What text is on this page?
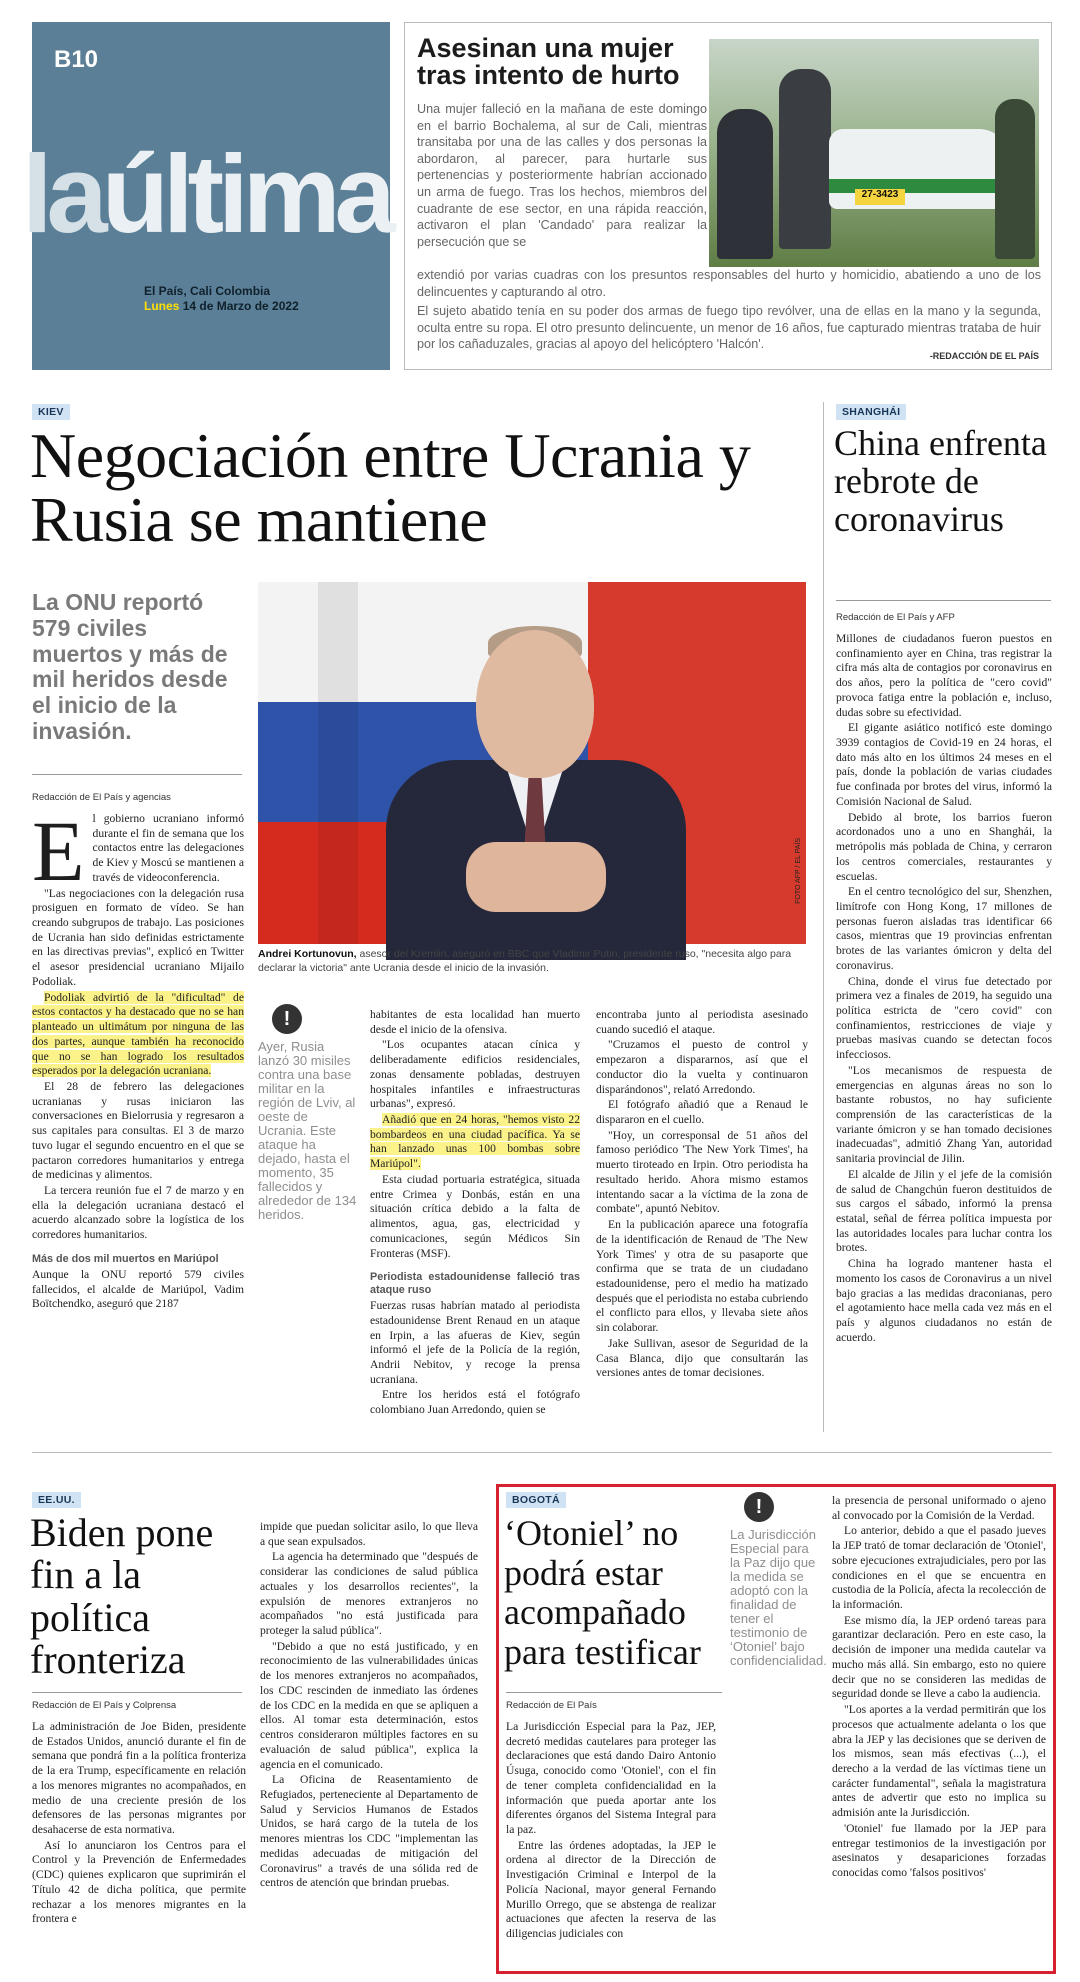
B10
laúltima
El País, Cali Colombia
Lunes 14 de Marzo de 2022
Asesinan una mujer tras intento de hurto
27-3423
Una mujer falleció en la mañana de este domingo en el barrio Bochalema, al sur de Cali, mientras transitaba por una de las calles y dos personas la abordaron, al parecer, para hurtarle sus pertenencias y posteriormente habrían accionado un arma de fuego. Tras los hechos, miembros del cuadrante de ese sector, en una rápida reacción, activaron el plan 'Candado' para realizar la persecución que se

extendió por varias cuadras con los presuntos responsables del hurto y homicidio, abatiendo a uno de los delincuentes y capturando al otro.

El sujeto abatido tenía en su poder dos armas de fuego tipo revólver, una de ellas en la mano y la segunda, oculta entre su ropa. El otro presunto delincuente, un menor de 16 años, fue capturado mientras trataba de huir por los cañaduzales, gracias al apoyo del helicóptero 'Halcón'.

-REDACCIÓN DE EL PAÍS
KIEV
Negociación entre Ucrania y Rusia se mantiene
La ONU reportó 579 civiles muertos y más de mil heridos desde el inicio de la invasión.
Redacción de El País y agencias
FOTO AFP / EL PAÍS
Andrei Kortunovun, asesor del Kremlin, aseguró en BBC que Vladimir Putin, presidente ruso, "necesita algo para declarar la victoria" ante Ucrania desde el inicio de la invasión.

El gobierno ucraniano informó durante el fin de semana que los contactos entre las delegaciones de Kiev y Moscú se mantienen a través de videoconferencia.

"Las negociaciones con la delegación rusa prosiguen en formato de vídeo. Se han creando subgrupos de trabajo. Las posiciones de Ucrania han sido definidas estrictamente en las directivas previas", explicó en Twitter el asesor presidencial ucraniano Mijailo Podoliak.

Podoliak advirtió de la "dificultad" de estos contactos y ha destacado que no se han planteado un ultimátum por ninguna de las dos partes, aunque también ha reconocido que no se han logrado los resultados esperados por la delegación ucraniana.

El 28 de febrero las delegaciones ucranianas y rusas iniciaron las conversaciones en Bielorrusia y regresaron a sus capitales para consultas. El 3 de marzo tuvo lugar el segundo encuentro en el que se pactaron corredores humanitarios y entrega de medicinas y alimentos.

La tercera reunión fue el 7 de marzo y en ella la delegación ucraniana destacó el acuerdo alcanzado sobre la logística de los corredores humanitarios.

Más de dos mil muertos en Mariúpol

Aunque la ONU reportó 579 civiles fallecidos, el alcalde de Mariúpol, Vadim Boïtchendko, aseguró que 2187

!
Ayer, Rusia lanzó 30 misiles contra una base militar en la región de Lviv, al oeste de Ucrania. Este ataque ha dejado, hasta el momento, 35 fallecidos y alrededor de 134 heridos.

habitantes de esta localidad han muerto desde el inicio de la ofensiva.

"Los ocupantes atacan cínica y deliberadamente edificios residenciales, zonas densamente pobladas, destruyen hospitales infantiles e infraestructuras urbanas", expresó.

Añadió que en 24 horas, "hemos visto 22 bombardeos en una ciudad pacífica. Ya se han lanzado unas 100 bombas sobre Mariúpol".

Esta ciudad portuaria estratégica, situada entre Crimea y Donbás, están en una situación crítica debido a la falta de alimentos, agua, gas, electricidad y comunicaciones, según Médicos Sin Fronteras (MSF).

Periodista estadounidense falleció tras ataque ruso

Fuerzas rusas habrían matado al periodista estadounidense Brent Renaud en un ataque en Irpin, a las afueras de Kiev, según informó el jefe de la Policía de la región, Andrii Nebitov, y recoge la prensa ucraniana.

Entre los heridos está el fotógrafo colombiano Juan Arredondo, quien se

encontraba junto al periodista asesinado cuando sucedió el ataque.

"Cruzamos el puesto de control y empezaron a dispararnos, así que el conductor dio la vuelta y continuaron disparándonos", relató Arredondo.

El fotógrafo añadió que a Renaud le dispararon en el cuello.

"Hoy, un corresponsal de 51 años del famoso periódico 'The New York Times', ha muerto tiroteado en Irpin. Otro periodista ha resultado herido. Ahora mismo estamos intentando sacar a la víctima de la zona de combate", apuntó Nebitov.

En la publicación aparece una fotografía de la identificación de Renaud de 'The New York Times' y otra de su pasaporte que confirma que se trata de un ciudadano estadounidense, pero el medio ha matizado después que el periodista no estaba cubriendo el conflicto para ellos, y llevaba siete años sin colaborar.

Jake Sullivan, asesor de Seguridad de la Casa Blanca, dijo que consultarán las versiones antes de tomar decisiones.

SHANGHÁI
China enfrenta rebrote de coronavirus
Redacción de El País y AFP

Millones de ciudadanos fueron puestos en confinamiento ayer en China, tras registrar la cifra más alta de contagios por coronavirus en dos años, pero la política de "cero covid" provoca fatiga entre la población e, incluso, dudas sobre su efectividad.

El gigante asiático notificó este domingo 3939 contagios de Covid-19 en 24 horas, el dato más alto en los últimos 24 meses en el país, donde la población de varias ciudades fue confinada por brotes del virus, informó la Comisión Nacional de Salud.

Debido al brote, los barrios fueron acordonados uno a uno en Shanghái, la metrópolis más poblada de China, y cerraron los centros comerciales, restaurantes y escuelas.

En el centro tecnológico del sur, Shenzhen, limítrofe con Hong Kong, 17 millones de personas fueron aisladas tras identificar 66 casos, mientras que 19 provincias enfrentan brotes de las variantes ómicron y delta del coronavirus.

China, donde el virus fue detectado por primera vez a finales de 2019, ha seguido una política estricta de "cero covid" con confinamientos, restricciones de viaje y pruebas masivas cuando se detectan focos infecciosos.

"Los mecanismos de respuesta de emergencias en algunas áreas no son lo bastante robustos, no hay suficiente comprensión de las características de la variante ómicron y se han tomado decisiones inadecuadas", admitió Zhang Yan, autoridad sanitaria provincial de Jilin.

El alcalde de Jilin y el jefe de la comisión de salud de Changchún fueron destituidos de sus cargos el sábado, informó la prensa estatal, señal de férrea política impuesta por las autoridades locales para luchar contra los brotes.

China ha logrado mantener hasta el momento los casos de Coronavirus a un nivel bajo gracias a las medidas draconianas, pero el agotamiento hace mella cada vez más en el país y algunos ciudadanos no están de acuerdo.

EE.UU.
Biden pone fin a la política fronteriza
Redacción de El País y Colprensa

La administración de Joe Biden, presidente de Estados Unidos, anunció durante el fin de semana que pondrá fin a la política fronteriza de la era Trump, específicamente en relación a los menores migrantes no acompañados, en medio de una creciente presión de los defensores de las personas migrantes por desahacerse de esta normativa.

Así lo anunciaron los Centros para el Control y la Prevención de Enfermedades (CDC) quienes explicaron que suprimirán el Título 42 de dicha política, que permite rechazar a los menores migrantes en la frontera e

impide que puedan solicitar asilo, lo que lleva a que sean expulsados.

La agencia ha determinado que "después de considerar las condiciones de salud pública actuales y los desarrollos recientes", la expulsión de menores extranjeros no acompañados "no está justificada para proteger la salud pública".

"Debido a que no está justificado, y en reconocimiento de las vulnerabilidades únicas de los menores extranjeros no acompañados, los CDC rescinden de inmediato las órdenes de los CDC en la medida en que se apliquen a ellos. Al tomar esta determinación, estos centros consideraron múltiples factores en su evaluación de salud pública", explica la agencia en el comunicado.

La Oficina de Reasentamiento de Refugiados, perteneciente al Departamento de Salud y Servicios Humanos de Estados Unidos, se hará cargo de la tutela de los menores mientras los CDC "implementan las medidas adecuadas de mitigación del Coronavirus" a través de una sólida red de centros de atención que brindan pruebas.

BOGOTÁ
‘Otoniel’ no podrá estar acompañado para testificar
Redacción de El País
!
La Jurisdicción Especial para la Paz dijo que la medida se adoptó con la finalidad de tener el testimonio de ‘Otoniel’ bajo confidencialidad.

La Jurisdicción Especial para la Paz, JEP, decretó medidas cautelares para proteger las declaraciones que está dando Dairo Antonio Úsuga, conocido como 'Otoniel', con el fin de tener completa confidencialidad en la información que pueda aportar ante los diferentes órganos del Sistema Integral para la paz.

Entre las órdenes adoptadas, la JEP le ordena al director de la Dirección de Investigación Criminal e Interpol de la Policía Nacional, mayor general Fernando Murillo Orrego, que se abstenga de realizar actuaciones que afecten la reserva de las diligencias judiciales con

la presencia de personal uniformado o ajeno al convocado por la Comisión de la Verdad.

Lo anterior, debido a que el pasado jueves la JEP trató de tomar declaración de 'Otoniel', sobre ejecuciones extrajudiciales, pero por las condiciones en el que se encuentra en custodia de la Policía, afecta la recolección de la información.

Ese mismo día, la JEP ordenó tareas para garantizar declaración. Pero en este caso, la decisión de imponer una medida cautelar va mucho más allá. Sin embargo, esto no quiere decir que no se consideren las medidas de seguridad donde se lleve a cabo la audiencia.

"Los aportes a la verdad permitirán que los procesos que actualmente adelanta o los que abra la JEP y las decisiones que se deriven de los mismos, sean más efectivas (...), el derecho a la verdad de las víctimas tiene un carácter fundamental", señala la magistratura antes de advertir que esto no implica su admisión ante la Jurisdicción.

'Otoniel' fue llamado por la JEP para entregar testimonios de la investigación por asesinatos y desapariciones forzadas conocidas como 'falsos positivos'
